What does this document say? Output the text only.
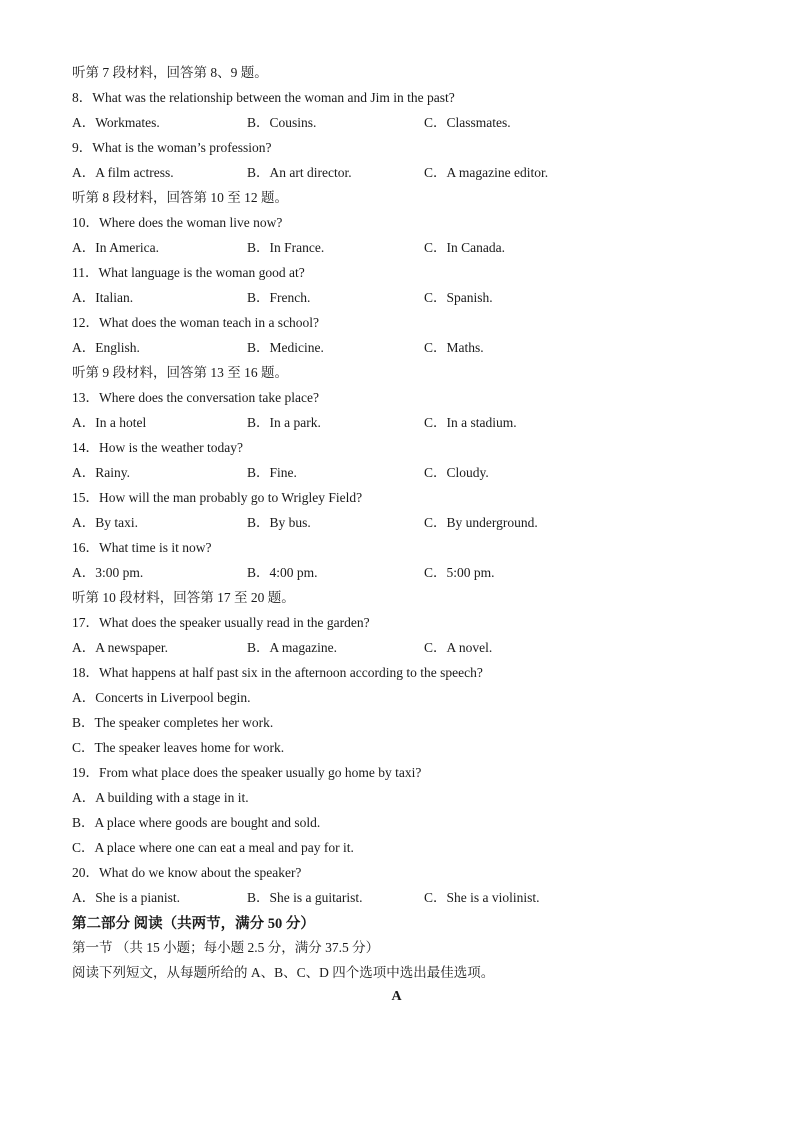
听第 7 段材料，回答第 8、9 题。
8．What was the relationship between the woman and Jim in the past?
A．Workmates.	B．Cousins.	C．Classmates.
9．What is the woman’s profession?
A．A film actress.	B．An art director.	C．A magazine editor.
听第 8 段材料，回答第 10 至 12 题。
10．Where does the woman live now?
A．In America.	B．In France.	C．In Canada.
11．What language is the woman good at?
A．Italian.	B．French.	C．Spanish.
12．What does the woman teach in a school?
A．English.	B．Medicine.	C．Maths.
听第 9 段材料，回答第 13 至 16 题。
13．Where does the conversation take place?
A．In a hotel	B．In a park.	C．In a stadium.
14．How is the weather today?
A．Rainy.	B．Fine.	C．Cloudy.
15．How will the man probably go to Wrigley Field?
A．By taxi.	B．By bus.	C．By underground.
16．What time is it now?
A．3:00 pm.	B．4:00 pm.	C．5:00 pm.
听第 10 段材料，回答第 17 至 20 题。
17．What does the speaker usually read in the garden?
A．A newspaper.	B．A magazine.	C．A novel.
18．What happens at half past six in the afternoon according to the speech?
A．Concerts in Liverpool begin.
B．The speaker completes her work.
C．The speaker leaves home for work.
19．From what place does the speaker usually go home by taxi?
A．A building with a stage in it.
B．A place where goods are bought and sold.
C．A place where one can eat a meal and pay for it.
20．What do we know about the speaker?
A．She is a pianist.	B．She is a guitarist.	C．She is a violinist.
第二部分 阅读（共两节，满分 50 分）
第一节 （共 15 小题；每小题 2.5 分，满分 37.5 分）
阅读下列短文，从每题所给的 A、B、C、D 四个选项中选出最佳选项。
A
